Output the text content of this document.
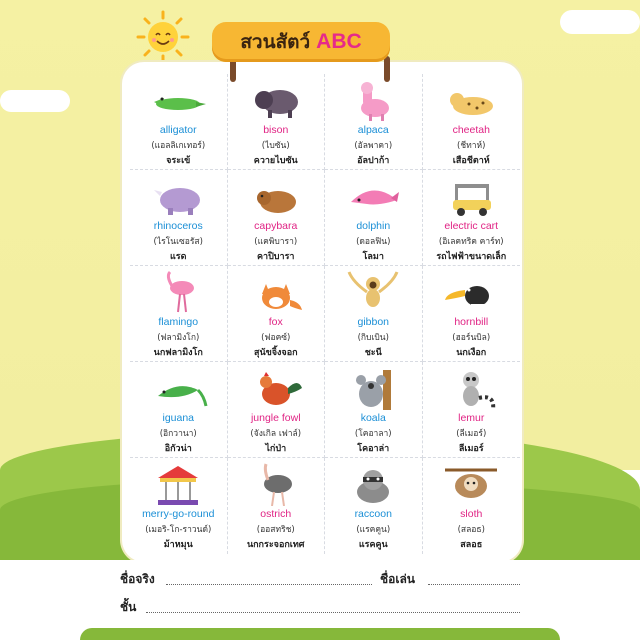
สวนสัตว์ ABC
alligator
(แอลลิเกเทอร์)
จระเข้
bison
(ไบซัน)
ควายไบซัน
alpaca
(อัลพาคา)
อัลปาก้า
cheetah
(ชีทาห์)
เสือชีตาห์
rhinoceros
(ไรโนเซอรัส)
แรด
capybara
(แคพิบารา)
คาปิบารา
dolphin
(ดอลฟิน)
โลมา
electric cart
(อิเลคทริค คาร์ท)
รถไฟฟ้าขนาดเล็ก
flamingo
(ฟลามิงโก)
นกฟลามิงโก
fox
(ฟอคซ์)
สุนัขจิ้งจอก
gibbon
(กิบเบิน)
ชะนี
hornbill
(ฮอร์นบิล)
นกเงือก
iguana
(อิกวานา)
อิกัวน่า
jungle fowl
(จังเกิล เฟาล์)
ไก่ป่า
koala
(โคอาลา)
โคอาล่า
lemur
(ลีเมอร์)
ลีเมอร์
merry-go-round
(เมอริ-โก-ราวนด์)
ม้าหมุน
ostrich
(ออสทริช)
นกกระจอกเทศ
raccoon
(แรคคูน)
แรคคูน
sloth
(สลอธ)
สลอธ
ชื่อจริง	ชื่อเล่น
ชั้น
